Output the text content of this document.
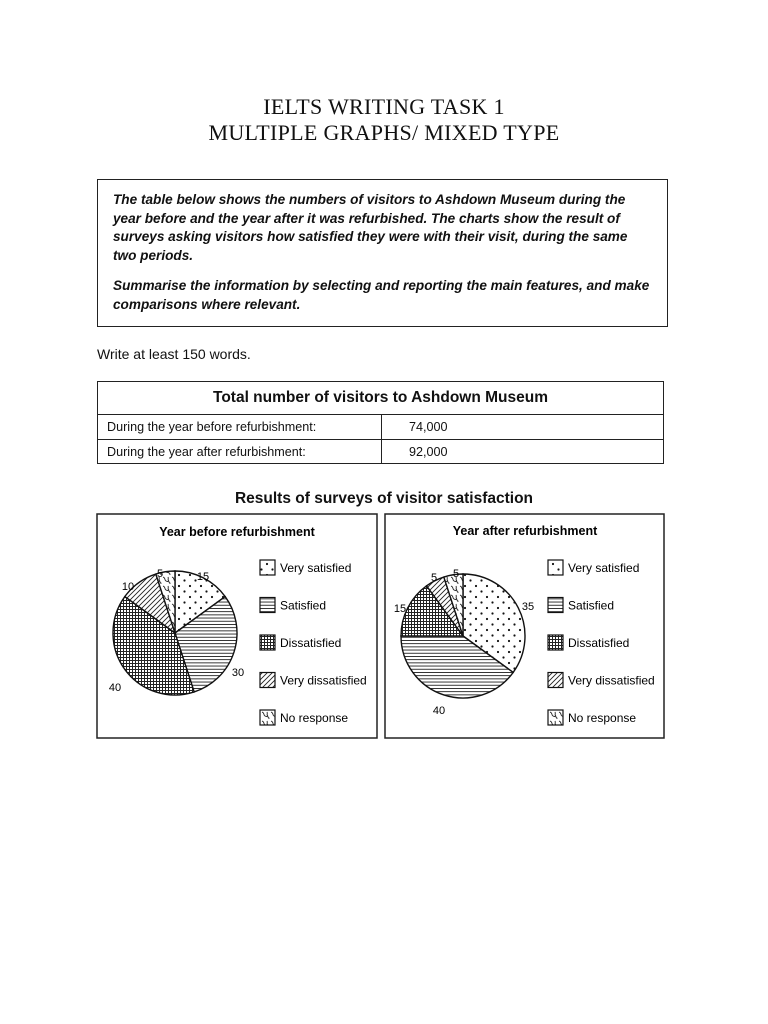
IELTS WRITING TASK 1
MULTIPLE GRAPHS/ MIXED TYPE

The table below shows the numbers of visitors to Ashdown Museum during the year before and the year after it was refurbished. The charts show the result of surveys asking visitors how satisfied they were with their visit, during the same two periods.

Summarise the information by selecting and reporting the main features, and make comparisons where relevant.

Write at least 150 words.
Total number of visitors to Ashdown Museum
During the year before refurbishment:	74,000
During the year after refurbishment:	92,000
Results of surveys of visitor satisfaction
Year before refurbishment	Year after refurbishment
15
30
40
10
5
35
40
15
5 5
Very satisfied
Satisfied
Dissatisfied
Very dissatisfied
No response
Very satisfied
Satisfied
Dissatisfied
Very dissatisfied
No response
